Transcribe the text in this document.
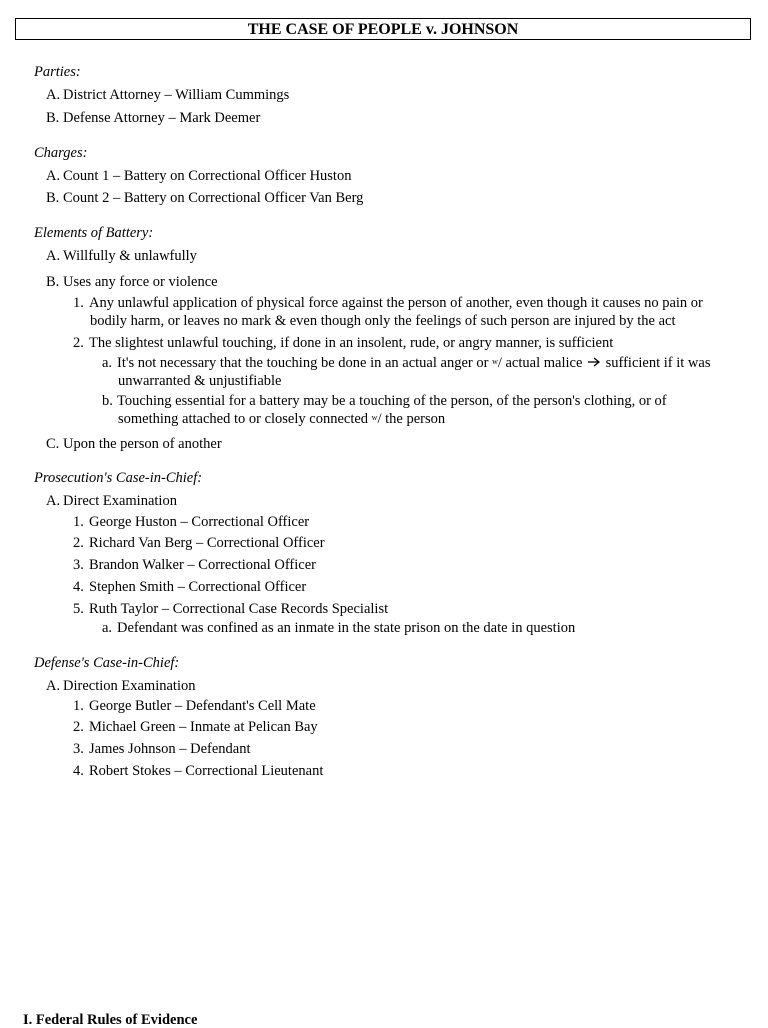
THE CASE OF PEOPLE v. JOHNSON
Parties:
A. District Attorney – William Cummings
B. Defense Attorney – Mark Deemer
Charges:
A. Count 1 – Battery on Correctional Officer Huston
B. Count 2 – Battery on Correctional Officer Van Berg
Elements of Battery:
A. Willfully & unlawfully
B. Uses any force or violence
1. Any unlawful application of physical force against the person of another, even though it causes no pain or
bodily harm, or leaves no mark & even though only the feelings of such person are injured by the act
2. The slightest unlawful touching, if done in an insolent, rude, or angry manner, is sufficient
a. It's not necessary that the touching be done in an actual anger or $^w$/ actual malice  sufficient if it was
unwarranted & unjustifiable
b. Touching essential for a battery may be a touching of the person, of the person's clothing, or of
something attached to or closely connected $^w$/ the person
C. Upon the person of another
Prosecution's Case-in-Chief:
A. Direct Examination
1. George Huston – Correctional Officer
2. Richard Van Berg – Correctional Officer
3. Brandon Walker – Correctional Officer
4. Stephen Smith – Correctional Officer
5. Ruth Taylor – Correctional Case Records Specialist
a. Defendant was confined as an inmate in the state prison on the date in question
Defense's Case-in-Chief:
A. Direction Examination
1. George Butler – Defendant's Cell Mate
2. Michael Green – Inmate at Pelican Bay
3. James Johnson – Defendant
4. Robert Stokes – Correctional Lieutenant
I. Federal Rules of Evidence
